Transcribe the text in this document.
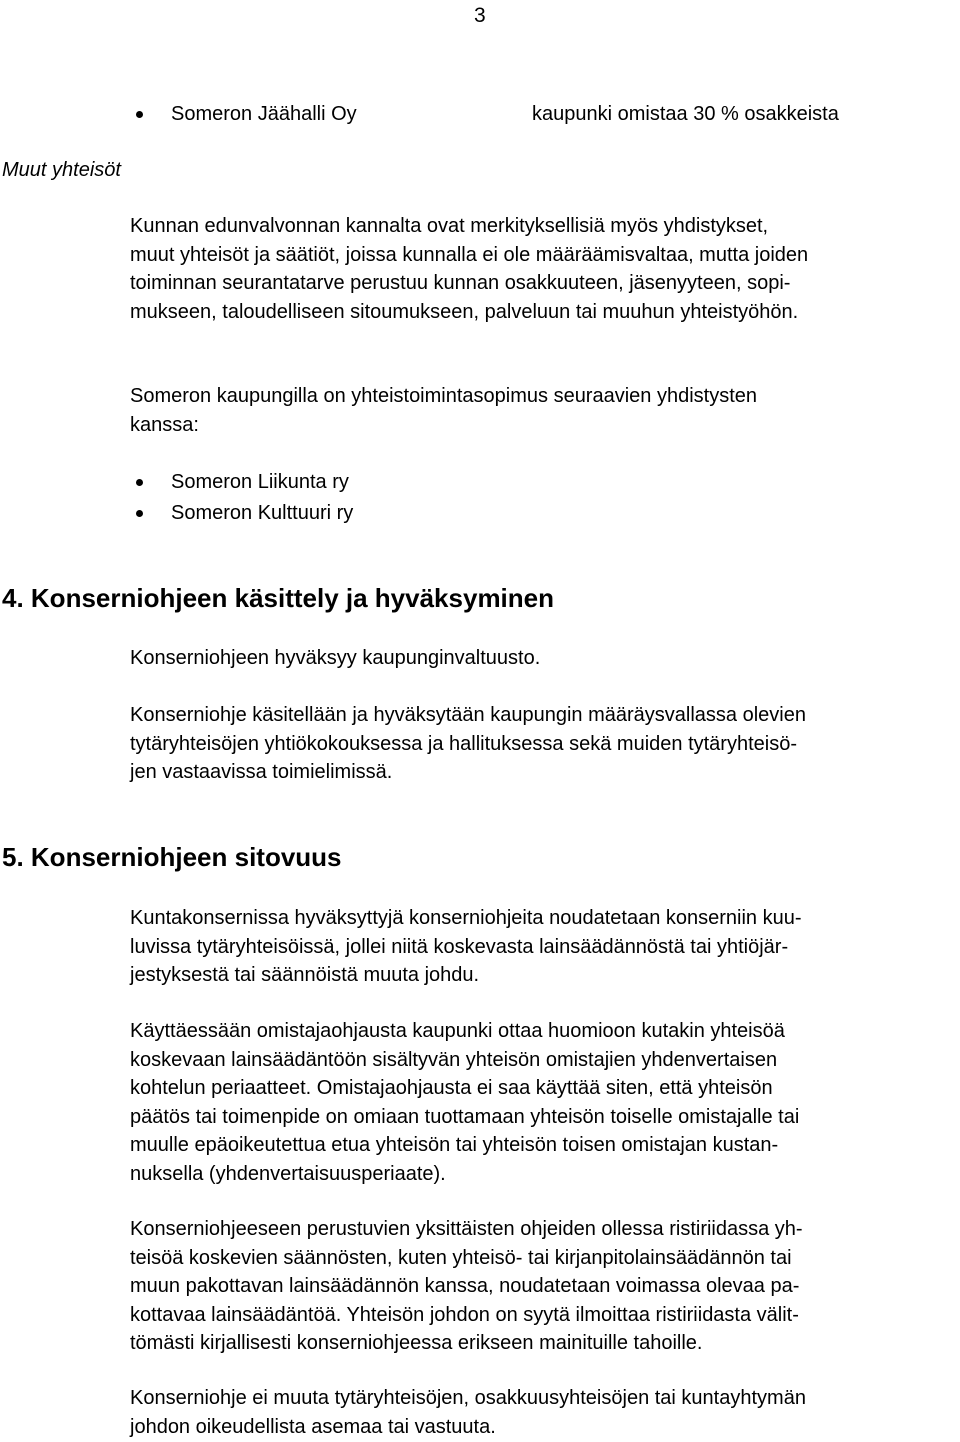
3
Someron Jäähalli Oy	kaupunki omistaa 30 % osakkeista
Muut yhteisöt
Kunnan edunvalvonnan kannalta ovat merkityksellisiä myös yhdistykset,
muut yhteisöt ja säätiöt, joissa kunnalla ei ole määräämisvaltaa, mutta joiden
toiminnan seurantatarve perustuu kunnan osakkuuteen, jäsenyyteen, sopi-
mukseen, taloudelliseen sitoumukseen, palveluun tai muuhun yhteistyöhön.
Someron kaupungilla on yhteistoimintasopimus seuraavien yhdistysten
kanssa:
Someron Liikunta ry
Someron Kulttuuri ry
4. Konserniohjeen käsittely ja hyväksyminen
Konserniohjeen hyväksyy kaupunginvaltuusto.
Konserniohje käsitellään ja hyväksytään kaupungin määräysvallassa olevien
tytäryhteisöjen yhtiökokouksessa ja hallituksessa sekä muiden tytäryhteisö-
jen vastaavissa toimielimissä.
5. Konserniohjeen sitovuus
Kuntakonsernissa hyväksyttyjä konserniohjeita noudatetaan konserniin kuu-
luvissa tytäryhteisöissä, jollei niitä koskevasta lainsäädännöstä tai yhtiöjär-
jestyksestä tai säännöistä muuta johdu.
Käyttäessään omistajaohjausta kaupunki ottaa huomioon kutakin yhteisöä
koskevaan lainsäädäntöön sisältyvän yhteisön omistajien yhdenvertaisen
kohtelun periaatteet. Omistajaohjausta ei saa käyttää siten, että yhteisön
päätös tai toimenpide on omiaan tuottamaan yhteisön toiselle omistajalle tai
muulle epäoikeutettua etua yhteisön tai yhteisön toisen omistajan kustan-
nuksella (yhdenvertaisuusperiaate).
Konserniohjeeseen perustuvien yksittäisten ohjeiden ollessa ristiriidassa yh-
teisöä koskevien säännösten, kuten yhteisö- tai kirjanpitolainsäädännön tai
muun pakottavan lainsäädännön kanssa, noudatetaan voimassa olevaa pa-
kottavaa lainsäädäntöä. Yhteisön johdon on syytä ilmoittaa ristiriidasta välit-
tömästi kirjallisesti konserniohjeessa erikseen mainituille tahoille.
Konserniohje ei muuta tytäryhteisöjen, osakkuusyhteisöjen tai kuntayhtymän
johdon oikeudellista asemaa tai vastuuta.
